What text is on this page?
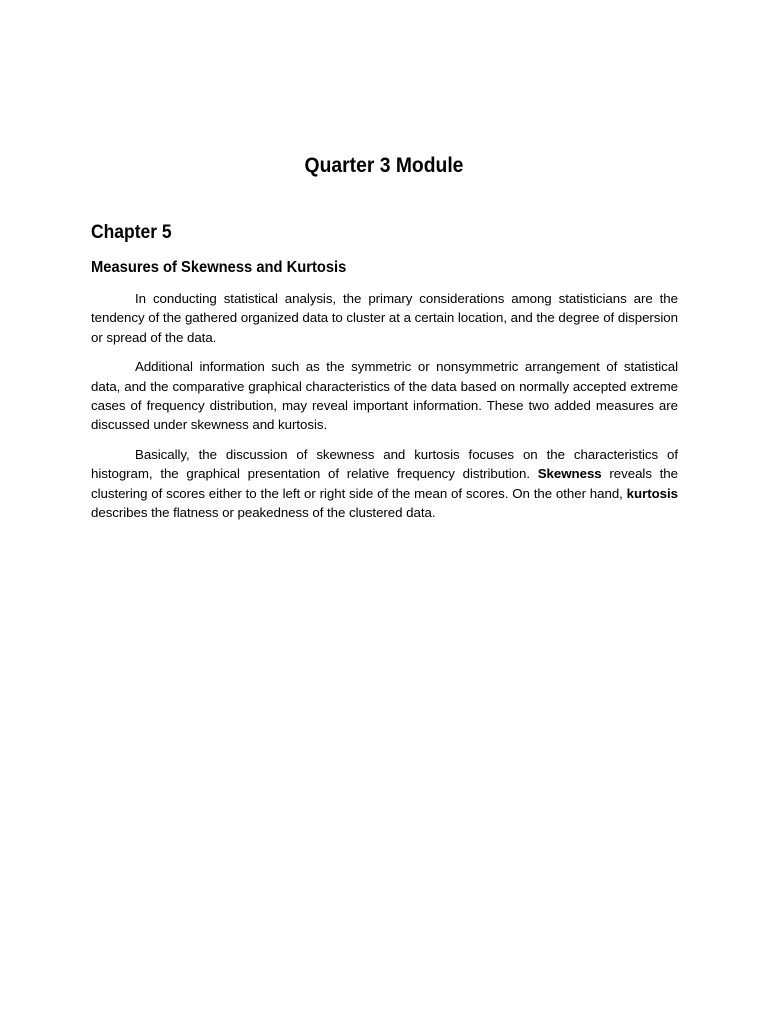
Quarter 3 Module
Chapter 5
Measures of Skewness and Kurtosis

In conducting statistical analysis, the primary considerations among statisticians are the tendency of the gathered organized data to cluster at a certain location, and the degree of dispersion or spread of the data.

Additional information such as the symmetric or nonsymmetric arrangement of statistical data, and the comparative graphical characteristics of the data based on normally accepted extreme cases of frequency distribution, may reveal important information. These two added measures are discussed under skewness and kurtosis.

Basically, the discussion of skewness and kurtosis focuses on the characteristics of histogram, the graphical presentation of relative frequency distribution. Skewness reveals the clustering of scores either to the left or right side of the mean of scores. On the other hand, kurtosis describes the flatness or peakedness of the clustered data.
